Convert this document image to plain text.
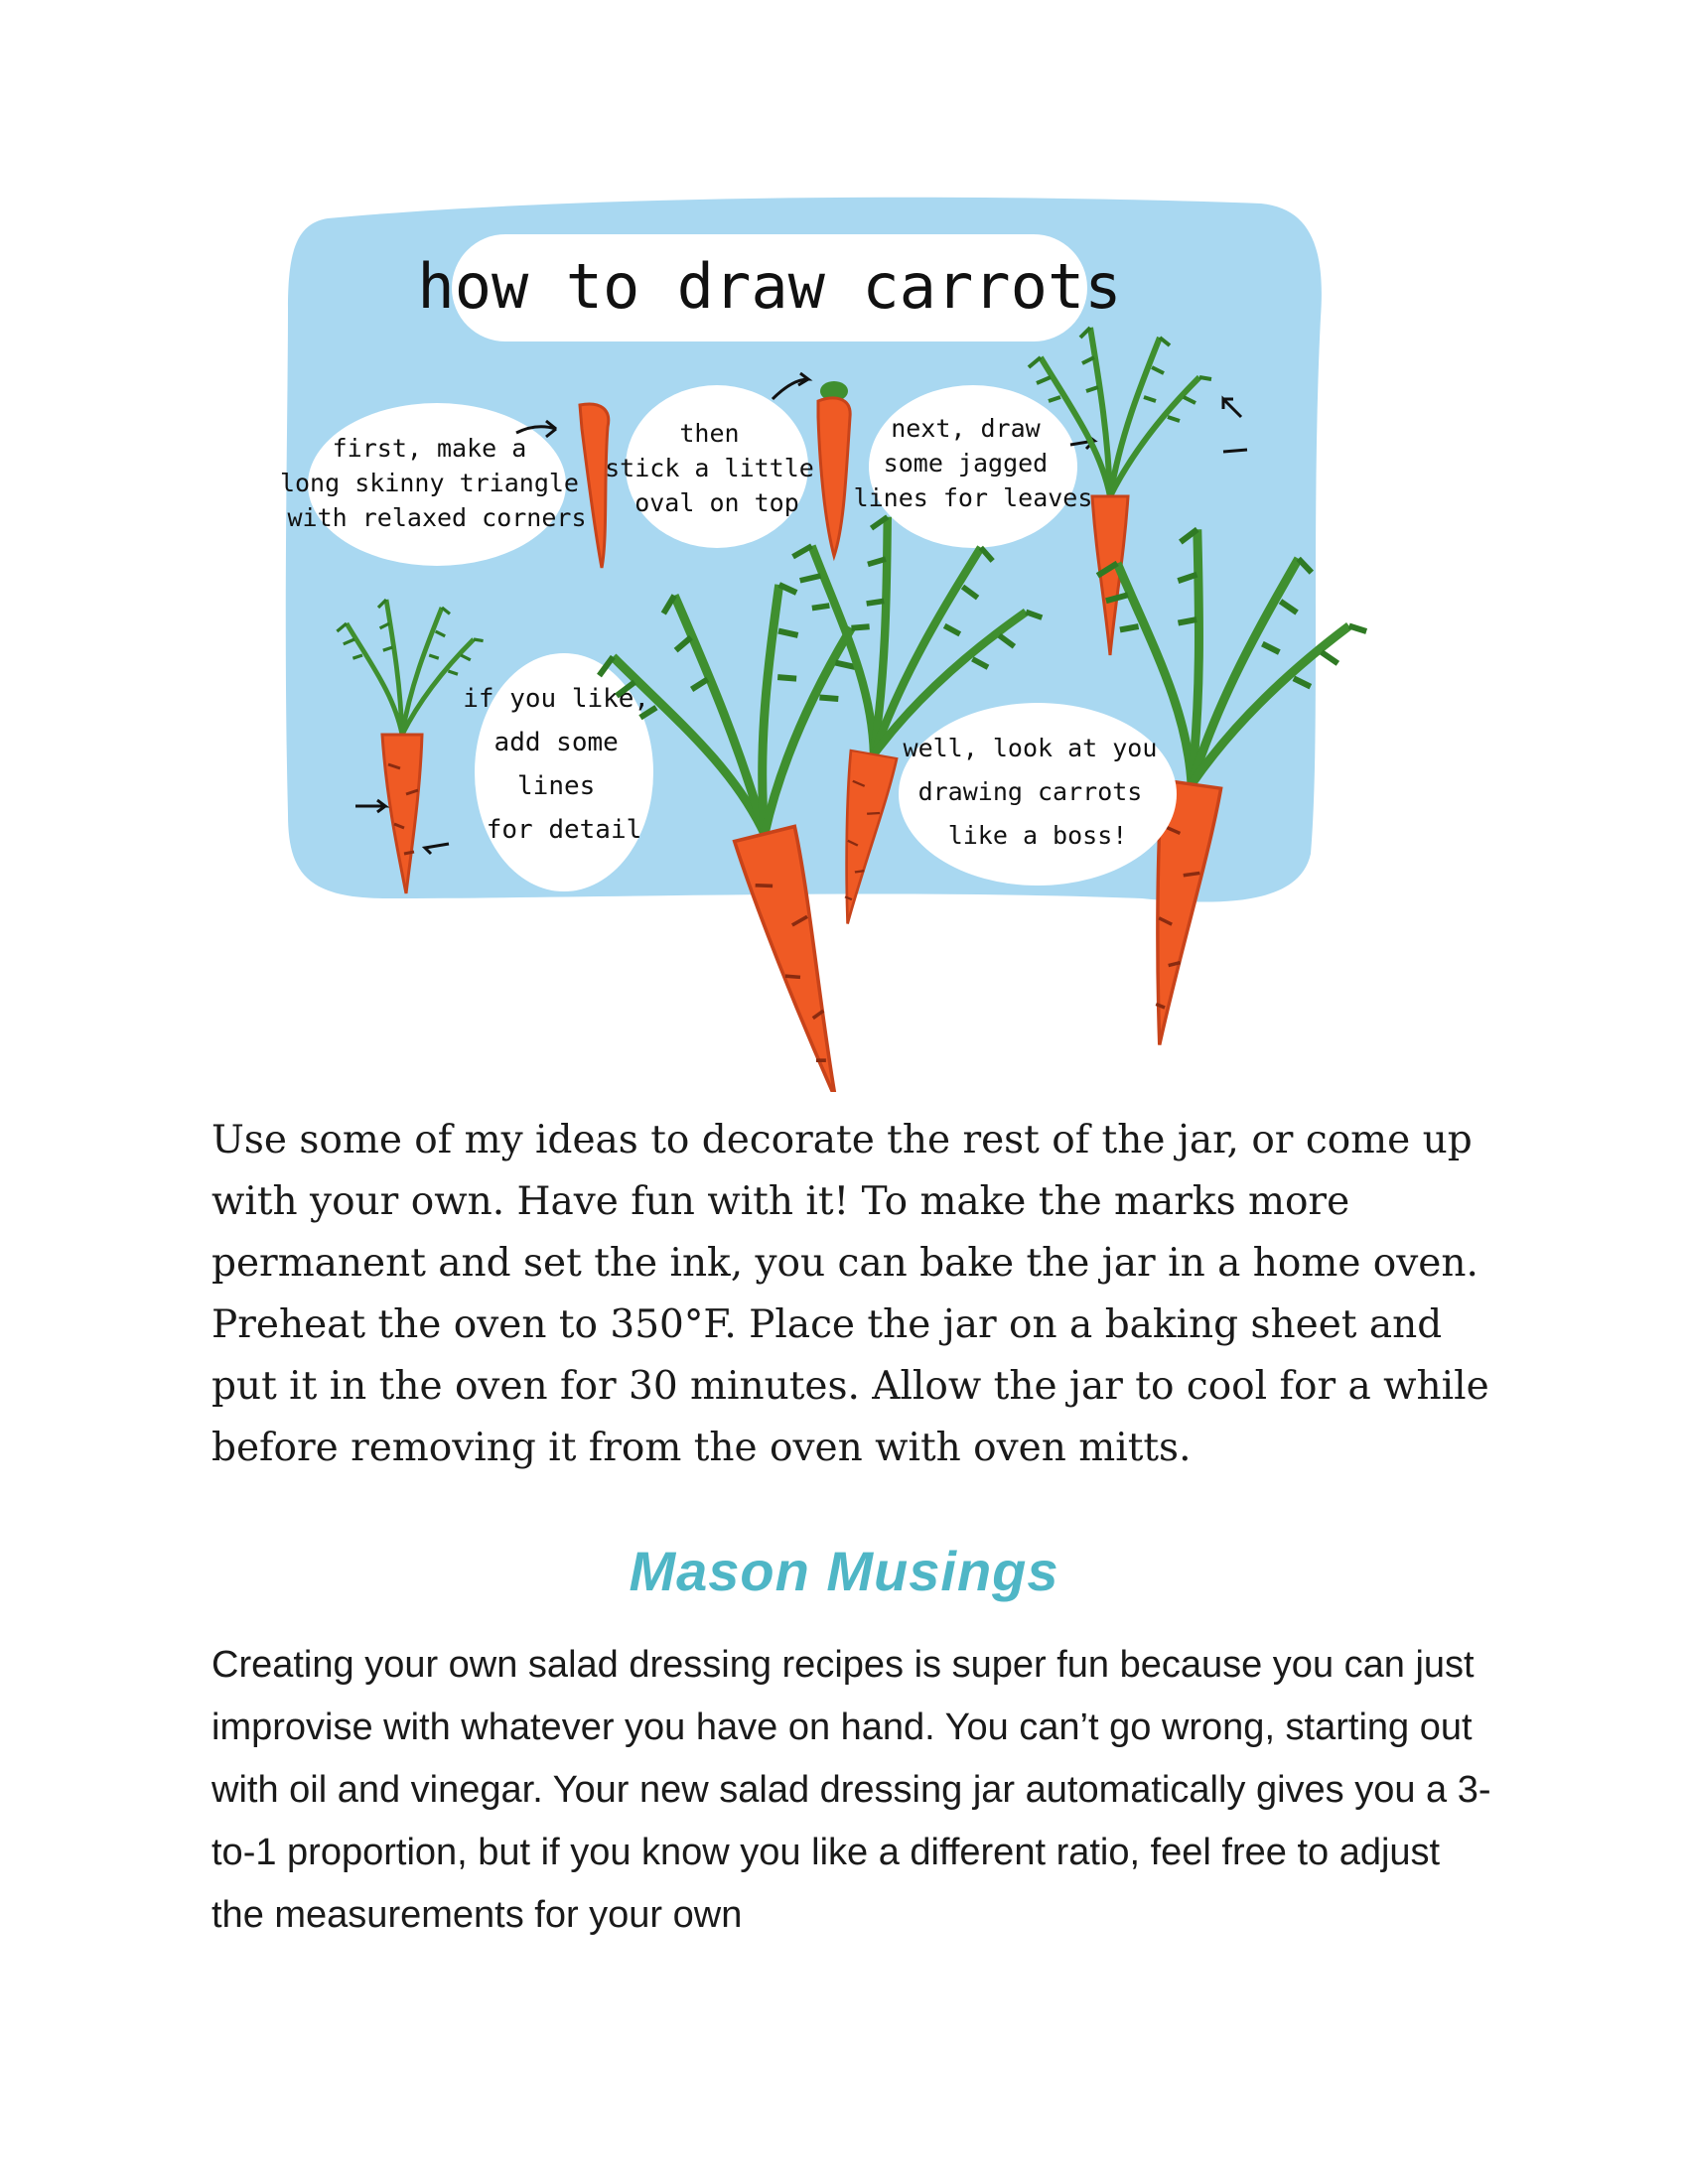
how to draw carrots
first, make a long skinny triangle with relaxed corners
then stick a little oval on top
next, draw some jagged lines for leaves
if you like, add some lines for detail
well, look at you drawing carrots like a boss!

Use some of my ideas to decorate the rest of the jar, or come up with your own. Have fun with it! To make the marks more permanent and set the ink, you can bake the jar in a home oven. Preheat the oven to 350°F. Place the jar on a baking sheet and put it in the oven for 30 minutes. Allow the jar to cool for a while before removing it from the oven with oven mitts.

Mason Musings

Creating your own salad dressing recipes is super fun because you can just improvise with whatever you have on hand. You can’t go wrong, starting out with oil and vinegar. Your new salad dressing jar automatically gives you a 3-to-1 proportion, but if you know you like a different ratio, feel free to adjust the measurements for your own
